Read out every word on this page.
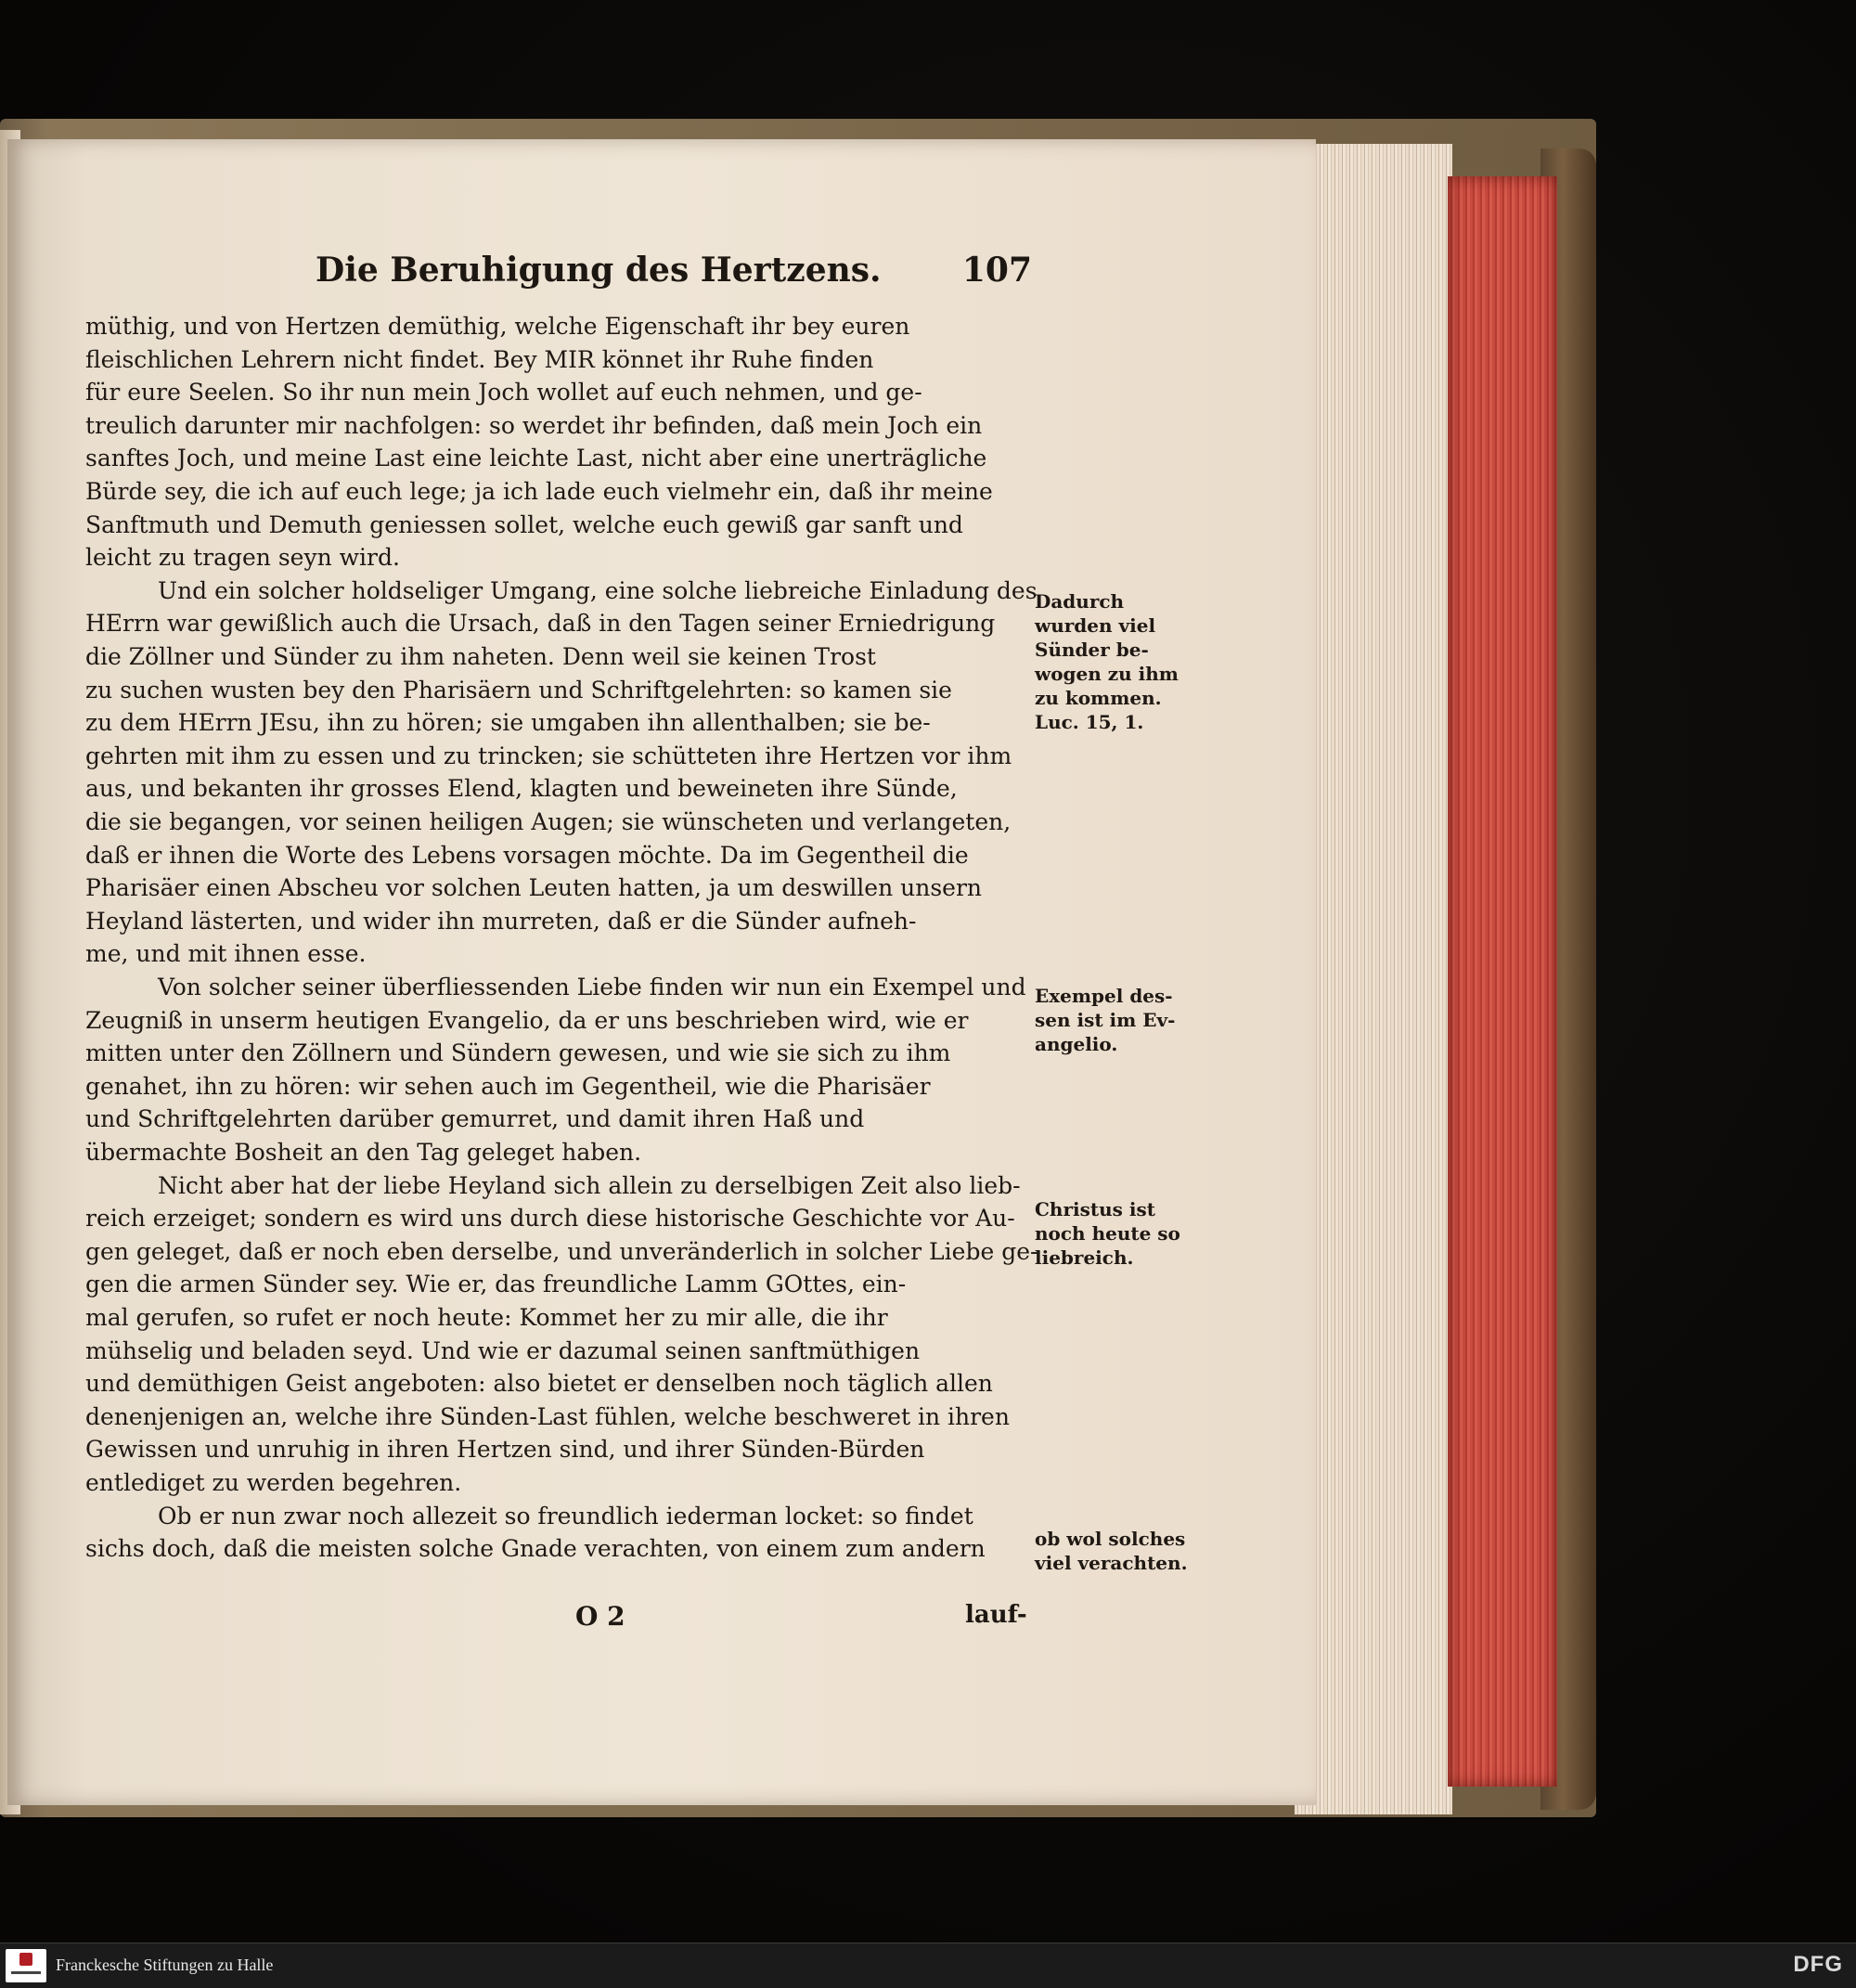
Die Beruhigung des Hertzens. 107
müthig, und von Hertzen demüthig, welche Eigenschaft ihr bey euren
fleischlichen Lehrern nicht findet. Bey MIR könnet ihr Ruhe finden
für eure Seelen. So ihr nun mein Joch wollet auf euch nehmen, und ge-
treulich darunter mir nachfolgen: so werdet ihr befinden, daß mein Joch ein
sanftes Joch, und meine Last eine leichte Last, nicht aber eine unerträgliche
Bürde sey, die ich auf euch lege; ja ich lade euch vielmehr ein, daß ihr meine
Sanftmuth und Demuth geniessen sollet, welche euch gewiß gar sanft und
leicht zu tragen seyn wird.
Und ein solcher holdseliger Umgang, eine solche liebreiche Einladung des
HErrn war gewißlich auch die Ursach, daß in den Tagen seiner Erniedrigung
die Zöllner und Sünder zu ihm naheten. Denn weil sie keinen Trost
zu suchen wusten bey den Pharisäern und Schriftgelehrten: so kamen sie
zu dem HErrn JEsu, ihn zu hören; sie umgaben ihn allenthalben; sie be-
gehrten mit ihm zu essen und zu trincken; sie schütteten ihre Hertzen vor ihm
aus, und bekanten ihr grosses Elend, klagten und beweineten ihre Sünde,
die sie begangen, vor seinen heiligen Augen; sie wünscheten und verlangeten,
daß er ihnen die Worte des Lebens vorsagen möchte. Da im Gegentheil die
Pharisäer einen Abscheu vor solchen Leuten hatten, ja um deswillen unsern
Heyland lästerten, und wider ihn murreten, daß er die Sünder aufneh-
me, und mit ihnen esse.
Von solcher seiner überfliessenden Liebe finden wir nun ein Exempel und
Zeugniß in unserm heutigen Evangelio, da er uns beschrieben wird, wie er
mitten unter den Zöllnern und Sündern gewesen, und wie sie sich zu ihm
genahet, ihn zu hören: wir sehen auch im Gegentheil, wie die Pharisäer
und Schriftgelehrten darüber gemurret, und damit ihren Haß und
übermachte Bosheit an den Tag geleget haben.
Nicht aber hat der liebe Heyland sich allein zu derselbigen Zeit also lieb-
reich erzeiget; sondern es wird uns durch diese historische Geschichte vor Au-
gen geleget, daß er noch eben derselbe, und unveränderlich in solcher Liebe ge-
gen die armen Sünder sey. Wie er, das freundliche Lamm GOttes, ein-
mal gerufen, so rufet er noch heute: Kommet her zu mir alle, die ihr
mühselig und beladen seyd. Und wie er dazumal seinen sanftmüthigen
und demüthigen Geist angeboten: also bietet er denselben noch täglich allen
denenjenigen an, welche ihre Sünden-Last fühlen, welche beschweret in ihren
Gewissen und unruhig in ihren Hertzen sind, und ihrer Sünden-Bürden
entlediget zu werden begehren.
Ob er nun zwar noch allezeit so freundlich iederman locket: so findet
sichs doch, daß die meisten solche Gnade verachten, von einem zum andern
Dadurch
wurden viel
Sünder be-
wogen zu ihm
zu kommen.
Luc. 15, 1.
Exempel des-
sen ist im Ev-
angelio.
Christus ist
noch heute so
liebreich.
ob wol solches
viel verachten.
O 2	lauf-
Franckesche Stiftungen zu Halle	DFG
